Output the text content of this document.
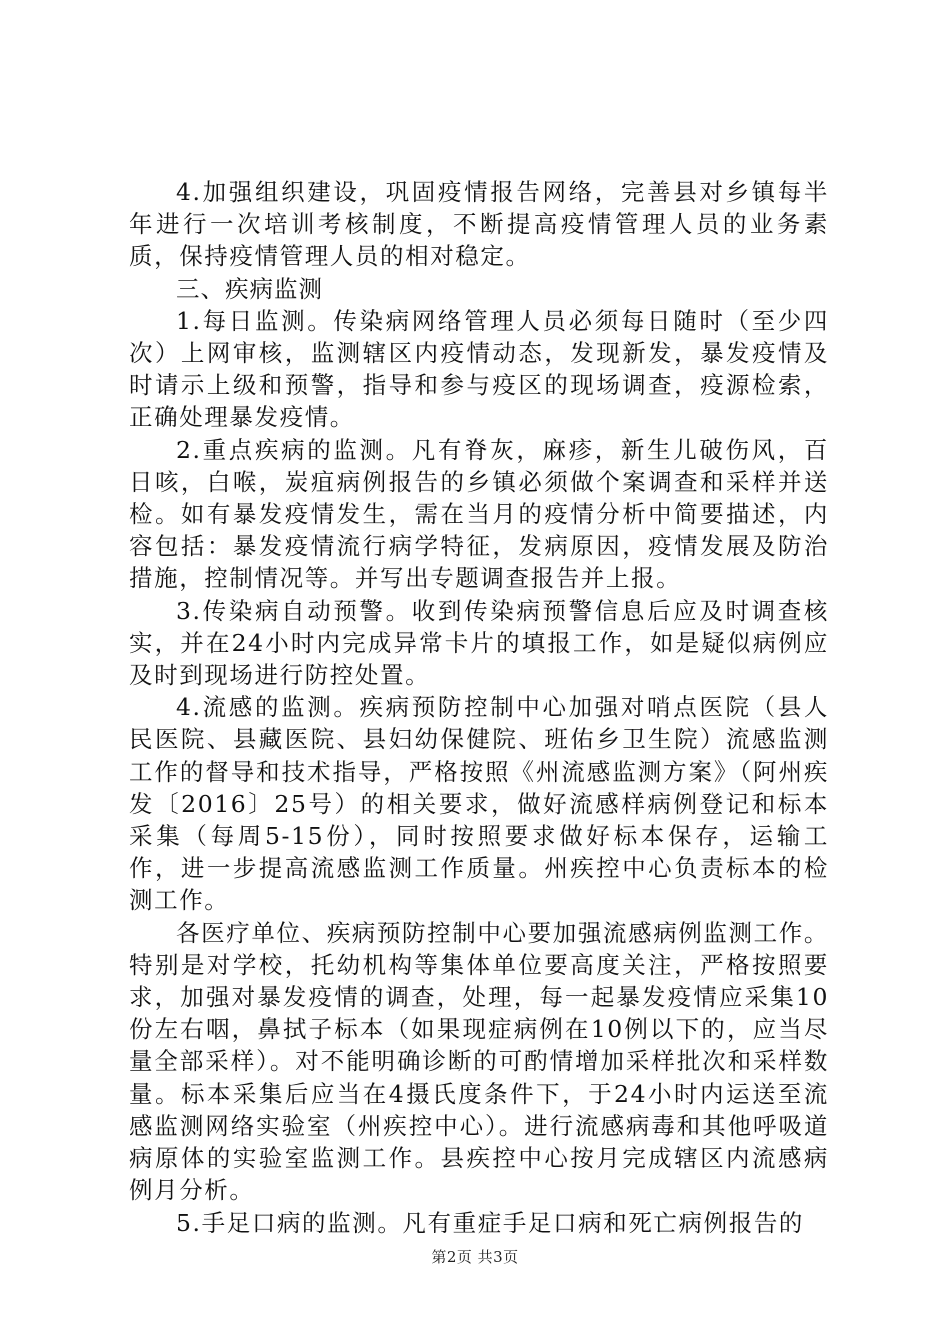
4.加强组织建设，巩固疫情报告网络，完善县对乡镇每半年进行一次培训考核制度，不断提高疫情管理人员的业务素质，保持疫情管理人员的相对稳定。

三、疾病监测

1.每日监测。传染病网络管理人员必须每日随时（至少四次）上网审核，监测辖区内疫情动态，发现新发，暴发疫情及时请示上级和预警，指导和参与疫区的现场调查，疫源检索，正确处理暴发疫情。

2.重点疾病的监测。凡有脊灰，麻疹，新生儿破伤风，百日咳，白喉，炭疽病例报告的乡镇必须做个案调查和采样并送检。如有暴发疫情发生，需在当月的疫情分析中简要描述，内容包括：暴发疫情流行病学特征，发病原因，疫情发展及防治措施，控制情况等。并写出专题调查报告并上报。

3.传染病自动预警。收到传染病预警信息后应及时调查核实，并在24小时内完成异常卡片的填报工作，如是疑似病例应及时到现场进行防控处置。

4.流感的监测。疾病预防控制中心加强对哨点医院（县人民医院、县藏医院、县妇幼保健院、班佑乡卫生院）流感监测工作的督导和技术指导，严格按照《州流感监测方案》（阿州疾发〔2016〕25号）的相关要求，做好流感样病例登记和标本采集（每周5-15份），同时按照要求做好标本保存，运输工作，进一步提高流感监测工作质量。州疾控中心负责标本的检测工作。

各医疗单位、疾病预防控制中心要加强流感病例监测工作。特别是对学校，托幼机构等集体单位要高度关注，严格按照要求，加强对暴发疫情的调查，处理，每一起暴发疫情应采集10份左右咽，鼻拭子标本（如果现症病例在10例以下的，应当尽量全部采样）。对不能明确诊断的可酌情增加采样批次和采样数量。标本采集后应当在4摄氏度条件下，于24小时内运送至流感监测网络实验室（州疾控中心）。进行流感病毒和其他呼吸道病原体的实验室监测工作。县疾控中心按月完成辖区内流感病例月分析。

5.手足口病的监测。凡有重症手足口病和死亡病例报告的

第2页 共3页
